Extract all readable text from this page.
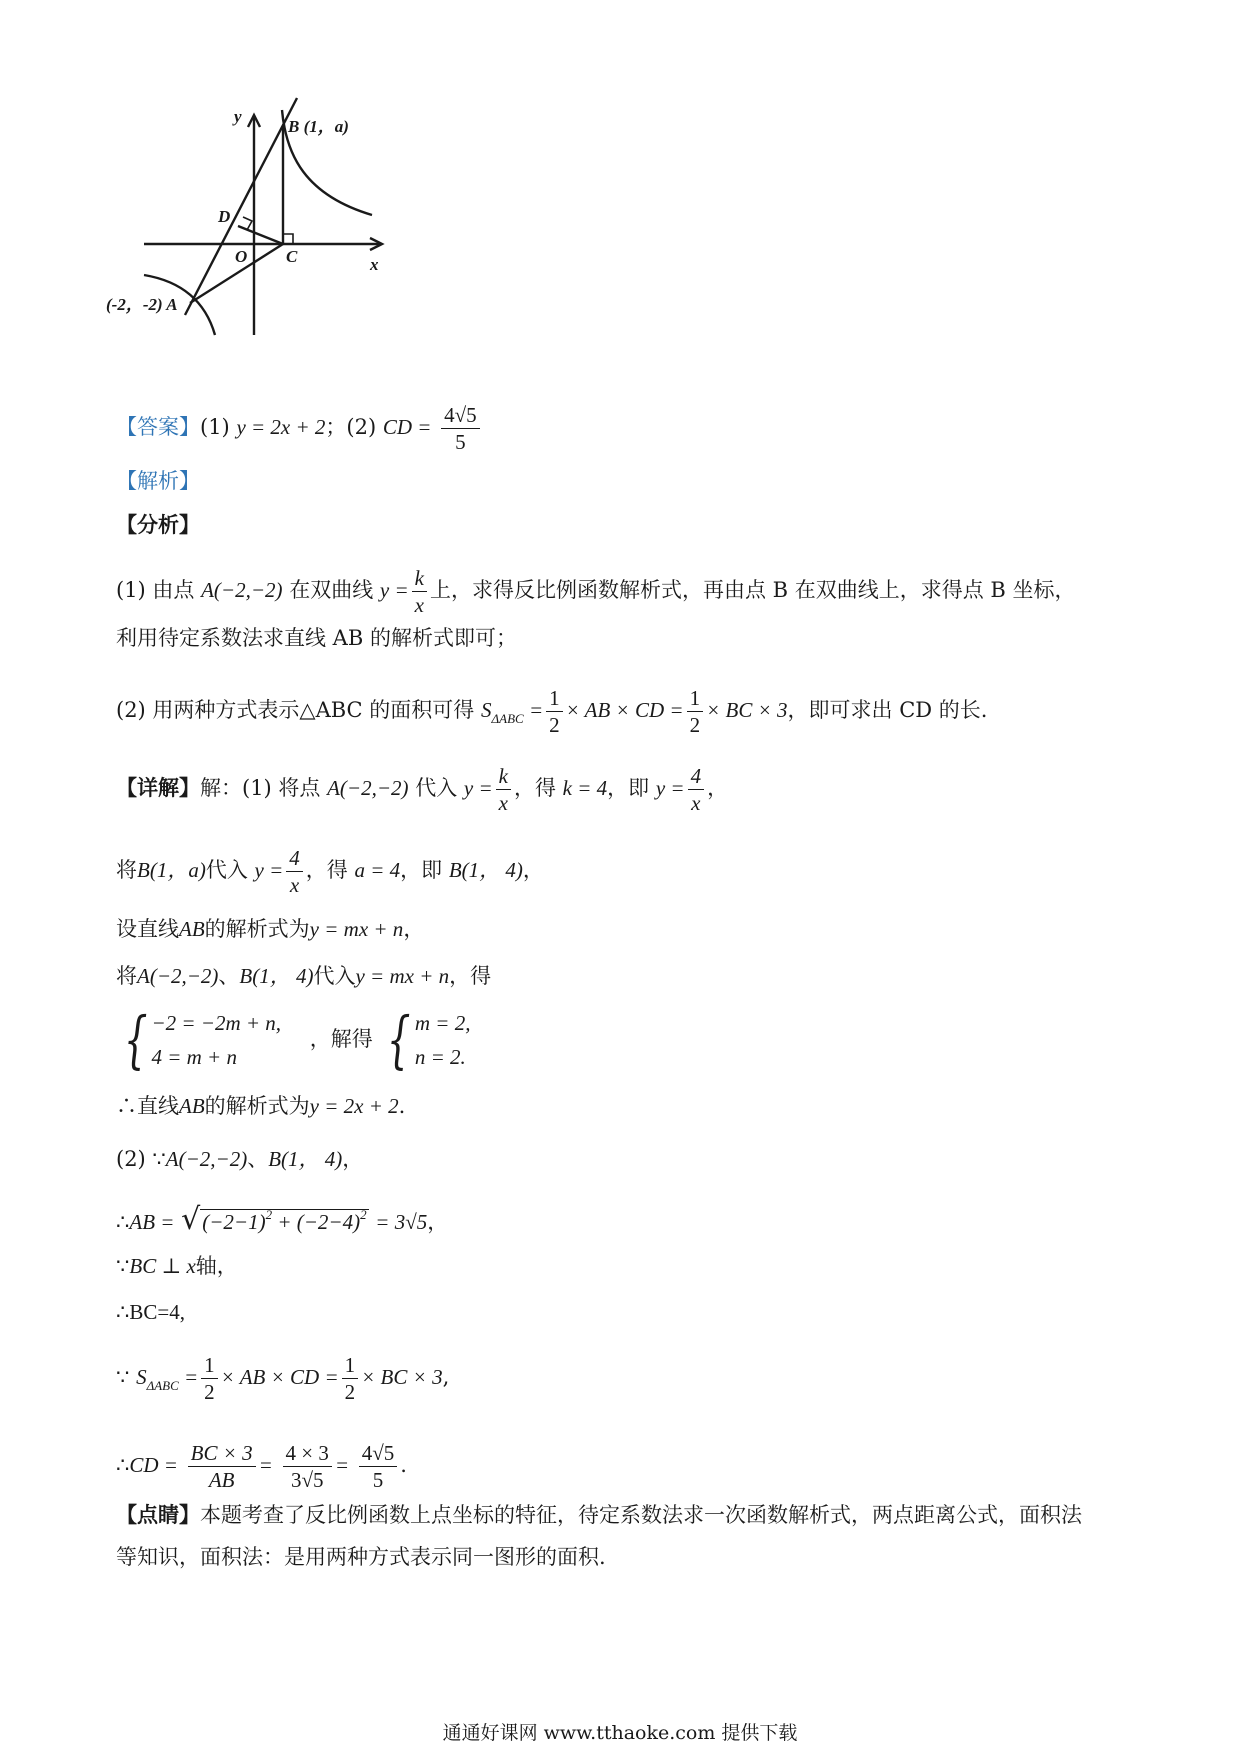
y
x
O
B (1，a)
D
C
(-2，-2) A
【答案】(1) y = 2x + 2；(2) CD = $\frac{4√5}{5}$
【解析】
【分析】
(1) 由点 A(−2,−2) 在双曲线 $y = \frac{k}{x}$ 上，求得反比例函数解析式，再由点 B 在双曲线上，求得点 B 坐标，
利用待定系数法求直线 AB 的解析式即可；
(2) 用两种方式表示△ABC 的面积可得 $S_{\Delta ABC} = \frac{1}{2}$ × AB × CD = $\frac{1}{2}$ × BC × 3，即可求出 CD 的长.
【详解】解：(1) 将点 A(−2,−2) 代入 $y = \frac{k}{x}$ ，得 k = 4，即 $y = \frac{4}{x}$ ，
将B(1，a)代入 $y = \frac{4}{x}$ ，得 a = 4，即 B(1， 4)，
设直线AB的解析式为y = mx + n，
将A(−2,−2)、B(1， 4)代入y = mx + n，得
{ −2 = −2m + n,
4 = m + n
，解得 { m = 2,
n = 2.
∴直线AB的解析式为y = 2x + 2.
(2) ∵A(−2,−2)、B(1， 4)，
∴AB = $√(-2-1)^2 + (-2-4)^2 = 3√5$，
∵BC ⊥ x轴，
∴BC=4,
∵ $S_{\Delta ABC} = \frac{1}{2}$ × AB × CD = $\frac{1}{2}$ × BC × 3,
∴CD = $\frac{BC \times 3}{AB} = \frac{4 \times 3}{3√5} = \frac{4√5}{5}$ .
【点睛】本题考查了反比例函数上点坐标的特征，待定系数法求一次函数解析式，两点距离公式，面积法
等知识，面积法：是用两种方式表示同一图形的面积.
通通好课网 www.tthaoke.com 提供下载
